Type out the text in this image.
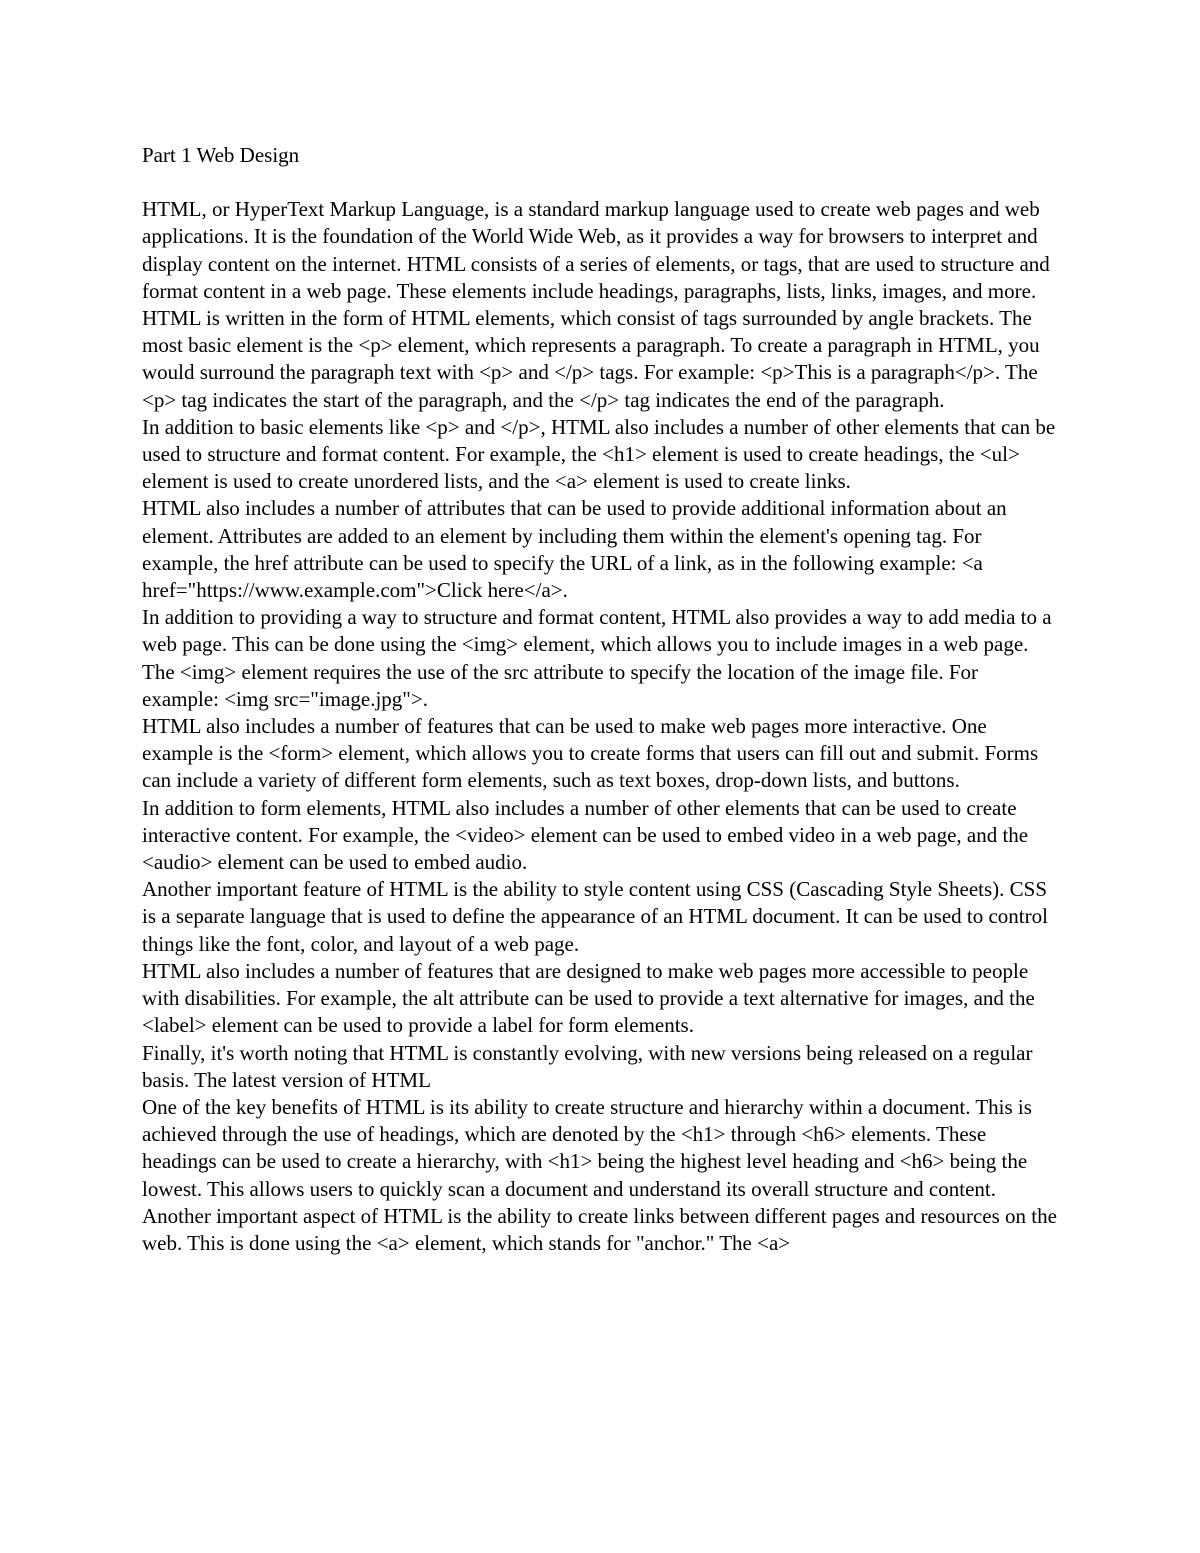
Part 1 Web Design

HTML, or HyperText Markup Language, is a standard markup language used to create web pages and web applications. It is the foundation of the World Wide Web, as it provides a way for browsers to interpret and display content on the internet. HTML consists of a series of elements, or tags, that are used to structure and format content in a web page. These elements include headings, paragraphs, lists, links, images, and more.

HTML is written in the form of HTML elements, which consist of tags surrounded by angle brackets. The most basic element is the <p> element, which represents a paragraph. To create a paragraph in HTML, you would surround the paragraph text with <p> and </p> tags. For example: <p>This is a paragraph</p>. The <p> tag indicates the start of the paragraph, and the </p> tag indicates the end of the paragraph.

In addition to basic elements like <p> and </p>, HTML also includes a number of other elements that can be used to structure and format content. For example, the <h1> element is used to create headings, the <ul> element is used to create unordered lists, and the <a> element is used to create links.

HTML also includes a number of attributes that can be used to provide additional information about an element. Attributes are added to an element by including them within the element's opening tag. For example, the href attribute can be used to specify the URL of a link, as in the following example: <a href="https://www.example.com">Click here</a>.

In addition to providing a way to structure and format content, HTML also provides a way to add media to a web page. This can be done using the <img> element, which allows you to include images in a web page. The <img> element requires the use of the src attribute to specify the location of the image file. For example: <img src="image.jpg">.

HTML also includes a number of features that can be used to make web pages more interactive. One example is the <form> element, which allows you to create forms that users can fill out and submit. Forms can include a variety of different form elements, such as text boxes, drop-down lists, and buttons.

In addition to form elements, HTML also includes a number of other elements that can be used to create interactive content. For example, the <video> element can be used to embed video in a web page, and the <audio> element can be used to embed audio.

Another important feature of HTML is the ability to style content using CSS (Cascading Style Sheets). CSS is a separate language that is used to define the appearance of an HTML document. It can be used to control things like the font, color, and layout of a web page.

HTML also includes a number of features that are designed to make web pages more accessible to people with disabilities. For example, the alt attribute can be used to provide a text alternative for images, and the <label> element can be used to provide a label for form elements.

Finally, it's worth noting that HTML is constantly evolving, with new versions being released on a regular basis. The latest version of HTML

One of the key benefits of HTML is its ability to create structure and hierarchy within a document. This is achieved through the use of headings, which are denoted by the <h1> through <h6> elements. These headings can be used to create a hierarchy, with <h1> being the highest level heading and <h6> being the lowest. This allows users to quickly scan a document and understand its overall structure and content.

Another important aspect of HTML is the ability to create links between different pages and resources on the web. This is done using the <a> element, which stands for "anchor." The <a>
